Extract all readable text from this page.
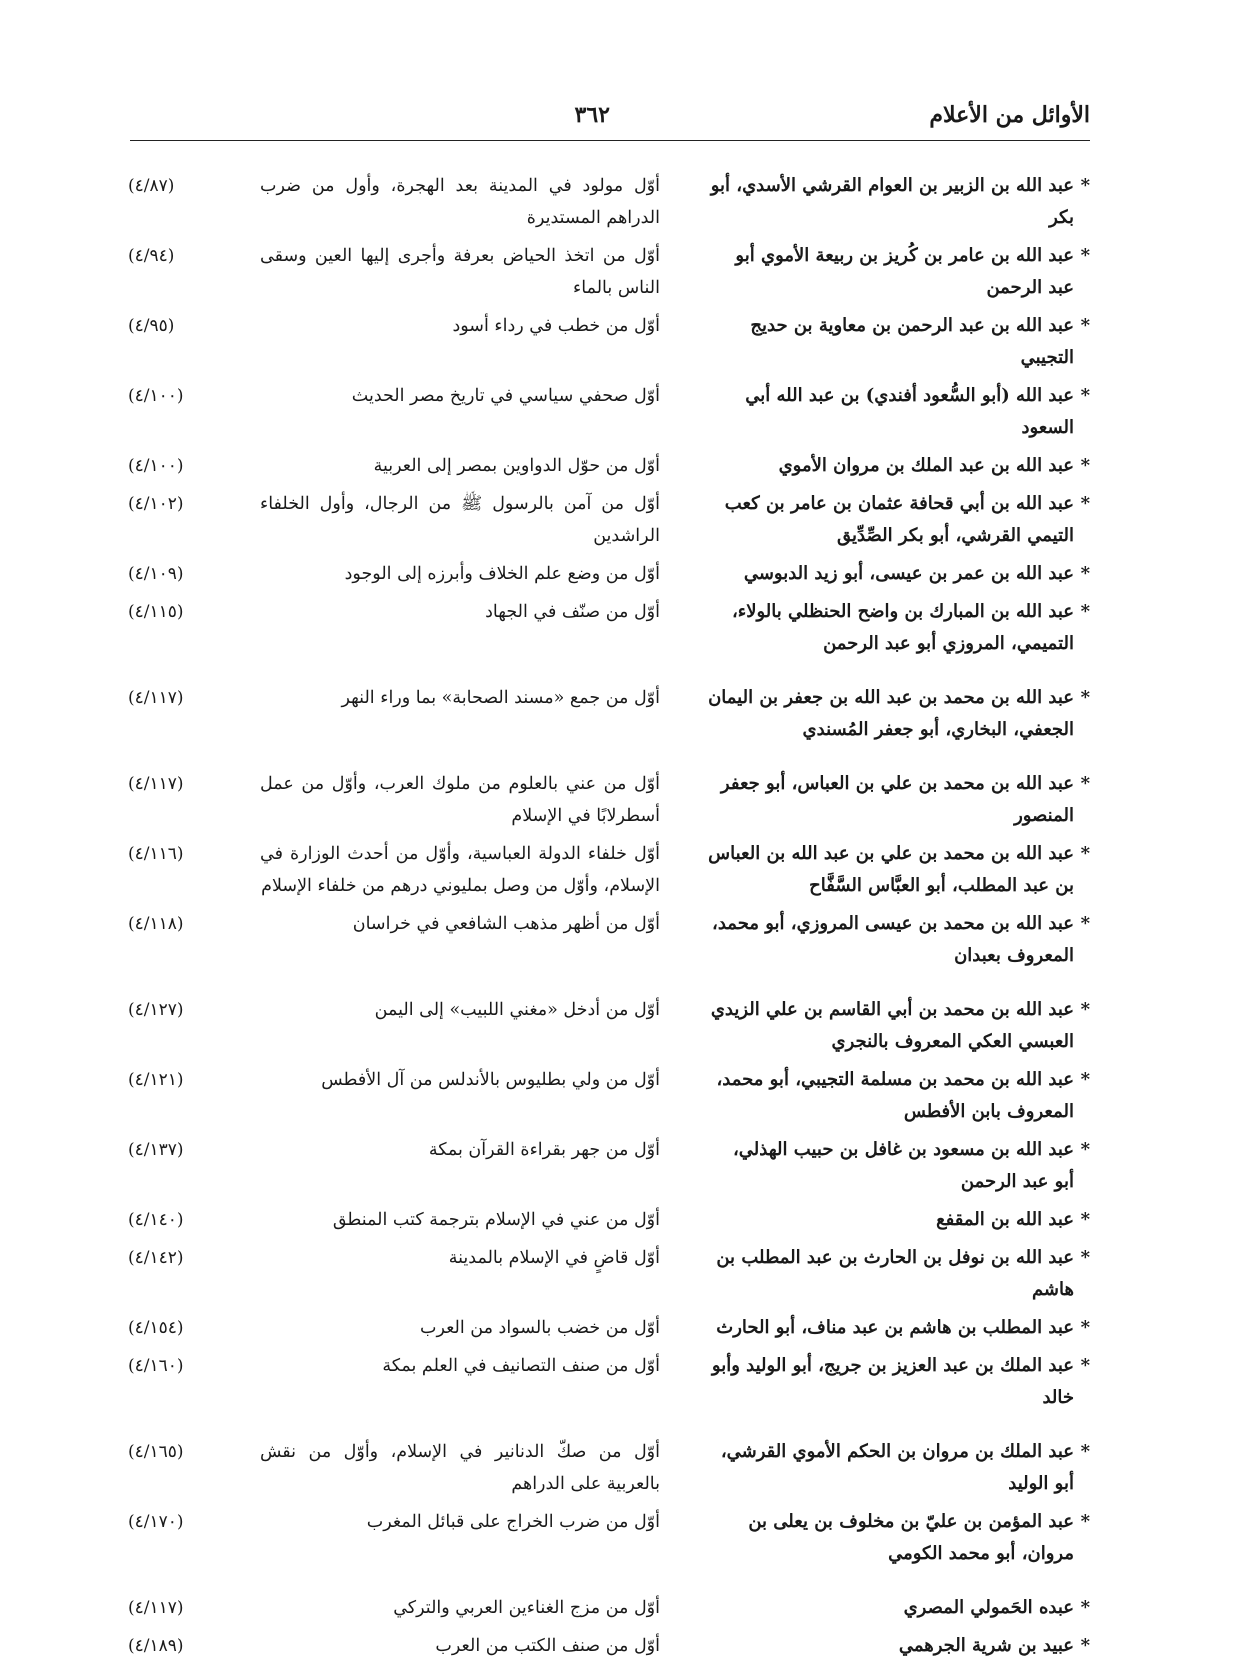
الأوائل من الأعلام
٣٦٢
*
عبد الله بن الزبير بن العوام القرشي الأسدي، أبو بكر
أوّل مولود في المدينة بعد الهجرة، وأول من ضرب الدراهم المستديرة
(٤/٨٧)
*
عبد الله بن عامر بن كُريز بن ربيعة الأموي أبو عبد الرحمن
أوّل من اتخذ الحياض بعرفة وأجرى إليها العين وسقى الناس بالماء
(٤/٩٤)
*
عبد الله بن عبد الرحمن بن معاوية بن حديج التجيبي
أوّل من خطب في رداء أسود
(٤/٩٥)
*
عبد الله (أبو السُّعود أفندي) بن عبد الله أبي السعود
أوّل صحفي سياسي في تاريخ مصر الحديث
(٤/١٠٠)
*
عبد الله بن عبد الملك بن مروان الأموي
أوّل من حوّل الدواوين بمصر إلى العربية
(٤/١٠٠)
*
عبد الله بن أبي قحافة عثمان بن عامر بن كعب التيمي القرشي، أبو بكر الصِّدِّيق
أوّل من آمن بالرسول ﷺ من الرجال، وأول الخلفاء الراشدين
(٤/١٠٢)
*
عبد الله بن عمر بن عيسى، أبو زيد الدبوسي
أوّل من وضع علم الخلاف وأبرزه إلى الوجود
(٤/١٠٩)
*
عبد الله بن المبارك بن واضح الحنظلي بالولاء، التميمي، المروزي أبو عبد الرحمن
أوّل من صنّف في الجهاد
(٤/١١٥)
*
عبد الله بن محمد بن عبد الله بن جعفر بن اليمان الجعفي، البخاري، أبو جعفر المُسندي
أوّل من جمع «مسند الصحابة» بما وراء النهر
(٤/١١٧)
*
عبد الله بن محمد بن علي بن العباس، أبو جعفر المنصور
أوّل من عني بالعلوم من ملوك العرب، وأوّل من عمل أسطرلابًا في الإسلام
(٤/١١٧)
*
عبد الله بن محمد بن علي بن عبد الله بن العباس بن عبد المطلب، أبو العبَّاس السَّفَّاح
أوّل خلفاء الدولة العباسية، وأوّل من أحدث الوزارة في الإسلام، وأوّل من وصل بمليوني درهم من خلفاء الإسلام
(٤/١١٦)
*
عبد الله بن محمد بن عيسى المروزي، أبو محمد، المعروف بعبدان
أوّل من أظهر مذهب الشافعي في خراسان
(٤/١١٨)
*
عبد الله بن محمد بن أبي القاسم بن علي الزيدي العبسي العكي المعروف بالنجري
أوّل من أدخل «مغني اللبيب» إلى اليمن
(٤/١٢٧)
*
عبد الله بن محمد بن مسلمة التجيبي، أبو محمد، المعروف بابن الأفطس
أوّل من ولي بطليوس بالأندلس من آل الأفطس
(٤/١٢١)
*
عبد الله بن مسعود بن غافل بن حبيب الهذلي، أبو عبد الرحمن
أوّل من جهر بقراءة القرآن بمكة
(٤/١٣٧)
*
عبد الله بن المقفع
أوّل من عني في الإسلام بترجمة كتب المنطق
(٤/١٤٠)
*
عبد الله بن نوفل بن الحارث بن عبد المطلب بن هاشم
أوّل قاضٍ في الإسلام بالمدينة
(٤/١٤٢)
*
عبد المطلب بن هاشم بن عبد مناف، أبو الحارث
أوّل من خضب بالسواد من العرب
(٤/١٥٤)
*
عبد الملك بن عبد العزيز بن جريج، أبو الوليد وأبو خالد
أوّل من صنف التصانيف في العلم بمكة
(٤/١٦٠)
*
عبد الملك بن مروان بن الحكم الأموي القرشي، أبو الوليد
أوّل من صكّ الدنانير في الإسلام، وأوّل من نقش بالعربية على الدراهم
(٤/١٦٥)
*
عبد المؤمن بن عليّ بن مخلوف بن يعلى بن مروان، أبو محمد الكومي
أوّل من ضرب الخراج على قبائل المغرب
(٤/١٧٠)
*
عبده الحَمولي المصري
أوّل من مزج الغناءين العربي والتركي
(٤/١١٧)
*
عبيد بن شرية الجرهمي
أوّل من صنف الكتب من العرب
(٤/١٨٩)
